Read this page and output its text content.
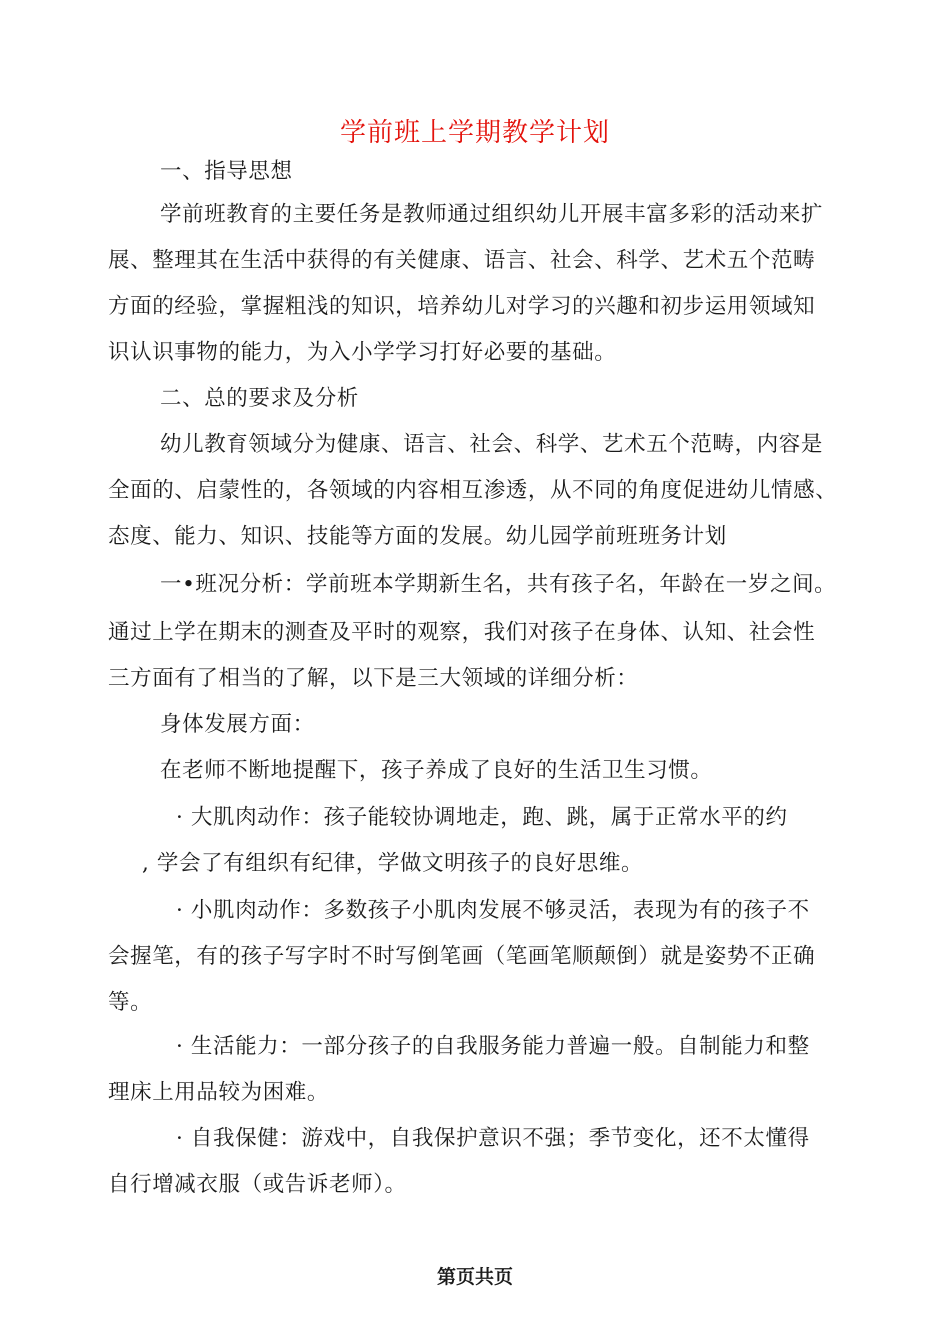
学前班上学期教学计划
一、指导思想
学前班教育的主要任务是教师通过组织幼儿开展丰富多彩的活动来扩
展、整理其在生活中获得的有关健康、语言、社会、科学、艺术五个范畴
方面的经验，掌握粗浅的知识，培养幼儿对学习的兴趣和初步运用领域知
识认识事物的能力，为入小学学习打好必要的基础。
二、总的要求及分析
幼儿教育领域分为健康、语言、社会、科学、艺术五个范畴，内容是
全面的、启蒙性的，各领域的内容相互渗透，从不同的角度促进幼儿情感、
态度、能力、知识、技能等方面的发展。幼儿园学前班班务计划
一•班况分析：学前班本学期新生名，共有孩子名，年龄在一岁之间。
通过上学在期末的测查及平时的观察，我们对孩子在身体、认知、社会性
三方面有了相当的了解，以下是三大领域的详细分析：
身体发展方面：
在老师不断地提醒下，孩子养成了良好的生活卫生习惯。
· 大肌肉动作：孩子能较协调地走，跑、跳，属于正常水平的约
, 学会了有组织有纪律，学做文明孩子的良好思维。
· 小肌肉动作：多数孩子小肌肉发展不够灵活，表现为有的孩子不
会握笔，有的孩子写字时不时写倒笔画（笔画笔顺颠倒）就是姿势不正确
等。
· 生活能力：一部分孩子的自我服务能力普遍一般。自制能力和整
理床上用品较为困难。
· 自我保健：游戏中，自我保护意识不强；季节变化，还不太懂得
自行增减衣服（或告诉老师）。
第页共页
